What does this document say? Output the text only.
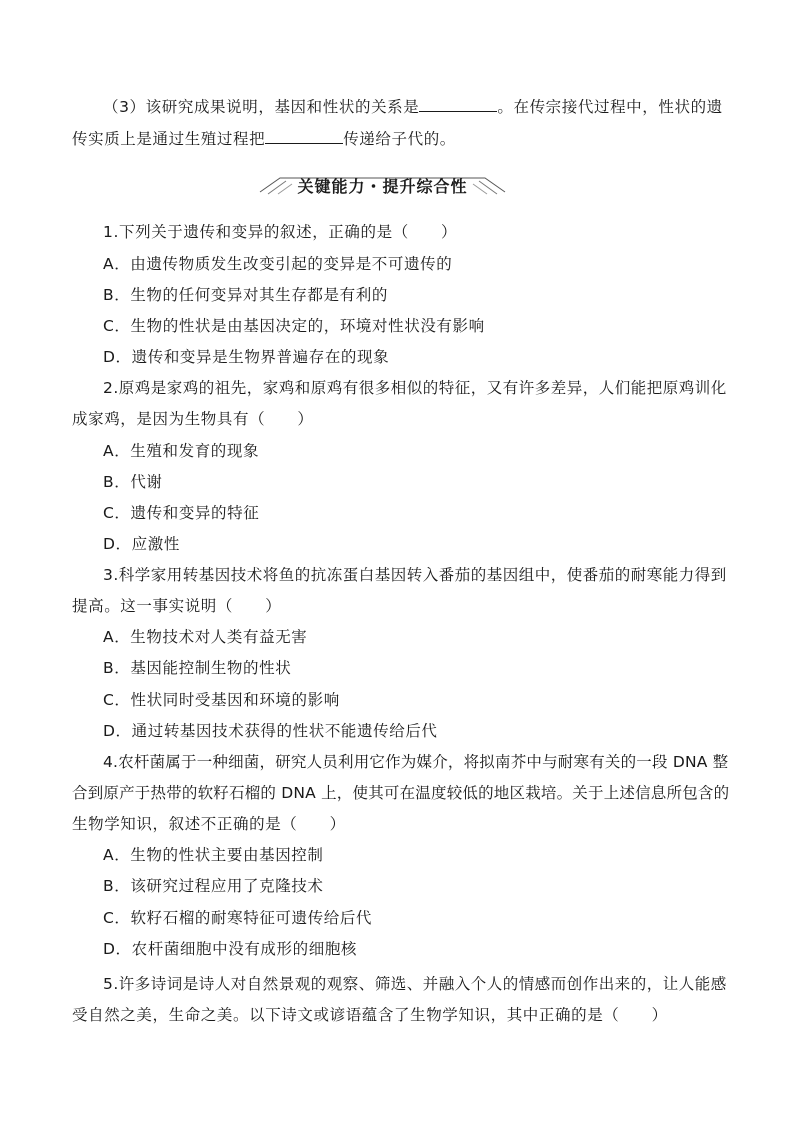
（3）该研究成果说明，基因和性状的关系是	。在传宗接代过程中，性状的遗
传实质上是通过生殖过程把	传递给子代的。
关键能力・提升综合性
1.下列关于遗传和变异的叙述，正确的是（　　）
A．由遗传物质发生改变引起的变异是不可遗传的
B．生物的任何变异对其生存都是有利的
C．生物的性状是由基因决定的，环境对性状没有影响
D．遗传和变异是生物界普遍存在的现象
2.原鸡是家鸡的祖先，家鸡和原鸡有很多相似的特征，又有许多差异，人们能把原鸡训化
成家鸡，是因为生物具有（　　）
A．生殖和发育的现象
B．代谢
C．遗传和变异的特征
D．应激性
3.科学家用转基因技术将鱼的抗冻蛋白基因转入番茄的基因组中，使番茄的耐寒能力得到
提高。这一事实说明（　　）
A．生物技术对人类有益无害
B．基因能控制生物的性状
C．性状同时受基因和环境的影响
D．通过转基因技术获得的性状不能遗传给后代
4.农杆菌属于一种细菌，研究人员利用它作为媒介，将拟南芥中与耐寒有关的一段 DNA 整
合到原产于热带的软籽石榴的 DNA 上，使其可在温度较低的地区栽培。关于上述信息所包含的
生物学知识，叙述不正确的是（　　）
A．生物的性状主要由基因控制
B．该研究过程应用了克隆技术
C．软籽石榴的耐寒特征可遗传给后代
D．农杆菌细胞中没有成形的细胞核
5.许多诗词是诗人对自然景观的观察、筛选、并融入个人的情感而创作出来的，让人能感
受自然之美，生命之美。以下诗文或谚语蕴含了生物学知识，其中正确的是（　　）
